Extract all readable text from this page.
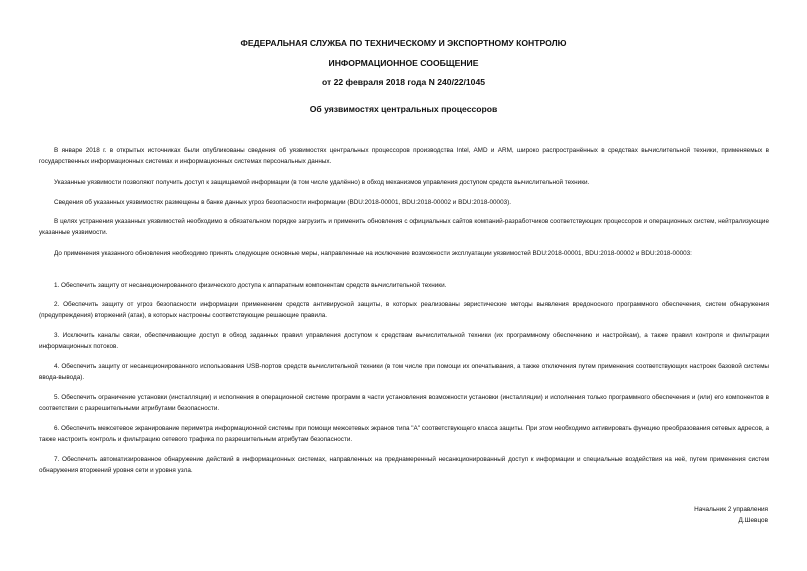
ФЕДЕРАЛЬНАЯ СЛУЖБА ПО ТЕХНИЧЕСКОМУ И ЭКСПОРТНОМУ КОНТРОЛЮ
ИНФОРМАЦИОННОЕ СООБЩЕНИЕ
от 22 февраля 2018 года N 240/22/1045
Об уязвимостях центральных процессоров

В январе 2018 г. в открытых источниках были опубликованы сведения об уязвимостях центральных процессоров производства Intel, AMD и ARM, широко распространённых в средствах вычислительной техники, применяемых в государственных информационных системах и информационных системах персональных данных.

Указанные уязвимости позволяют получить доступ к защищаемой информации (в том числе удалённо) в обход механизмов управления доступом средств вычислительной техники.

Сведения об указанных уязвимостях размещены в банке данных угроз безопасности информации (BDU:2018-00001, BDU:2018-00002 и BDU:2018-00003).

В целях устранения указанных уязвимостей необходимо в обязательном порядке загрузить и применить обновления с официальных сайтов компаний-разработчиков соответствующих процессоров и операционных систем, нейтрализующие указанные уязвимости.

До применения указанного обновления необходимо принять следующие основные меры, направленные на исключение возможности эксплуатации уязвимостей BDU:2018-00001, BDU:2018-00002 и BDU:2018-00003:

1. Обеспечить защиту от несанкционированного физического доступа к аппаратным компонентам средств вычислительной техники.

2. Обеспечить защиту от угроз безопасности информации применением средств антивирусной защиты, в которых реализованы эвристические методы выявления вредоносного программного обеспечения, систем обнаружения (предупреждения) вторжений (атак), в которых настроены соответствующие решающие правила.

3. Исключить каналы связи, обеспечивающие доступ в обход заданных правил управления доступом к средствам вычислительной техники (их программному обеспечению и настройкам), а также правил контроля и фильтрации информационных потоков.

4. Обеспечить защиту от несанкционированного использования USB-портов средств вычислительной техники (в том числе при помощи их опечатывания, а также отключения путем применения соответствующих настроек базовой системы ввода-вывода).

5. Обеспечить ограничение установки (инсталляции) и исполнения в операционной системе программ в части установления возможности установки (инсталляции) и исполнения только программного обеспечения и (или) его компонентов в соответствии с разрешительными атрибутами безопасности.

6. Обеспечить межсетевое экранирование периметра информационной системы при помощи межсетевых экранов типа "А" соответствующего класса защиты. При этом необходимо активировать функцию преобразования сетевых адресов, а также настроить контроль и фильтрацию сетевого трафика по разрешительным атрибутам безопасности.

7. Обеспечить автоматизированное обнаружение действий в информационных системах, направленных на преднамеренный несанкционированный доступ к информации и специальные воздействия на неё, путем применения систем обнаружения вторжений уровня сети и уровня узла.

Начальник 2 управления
Д.Шевцов
